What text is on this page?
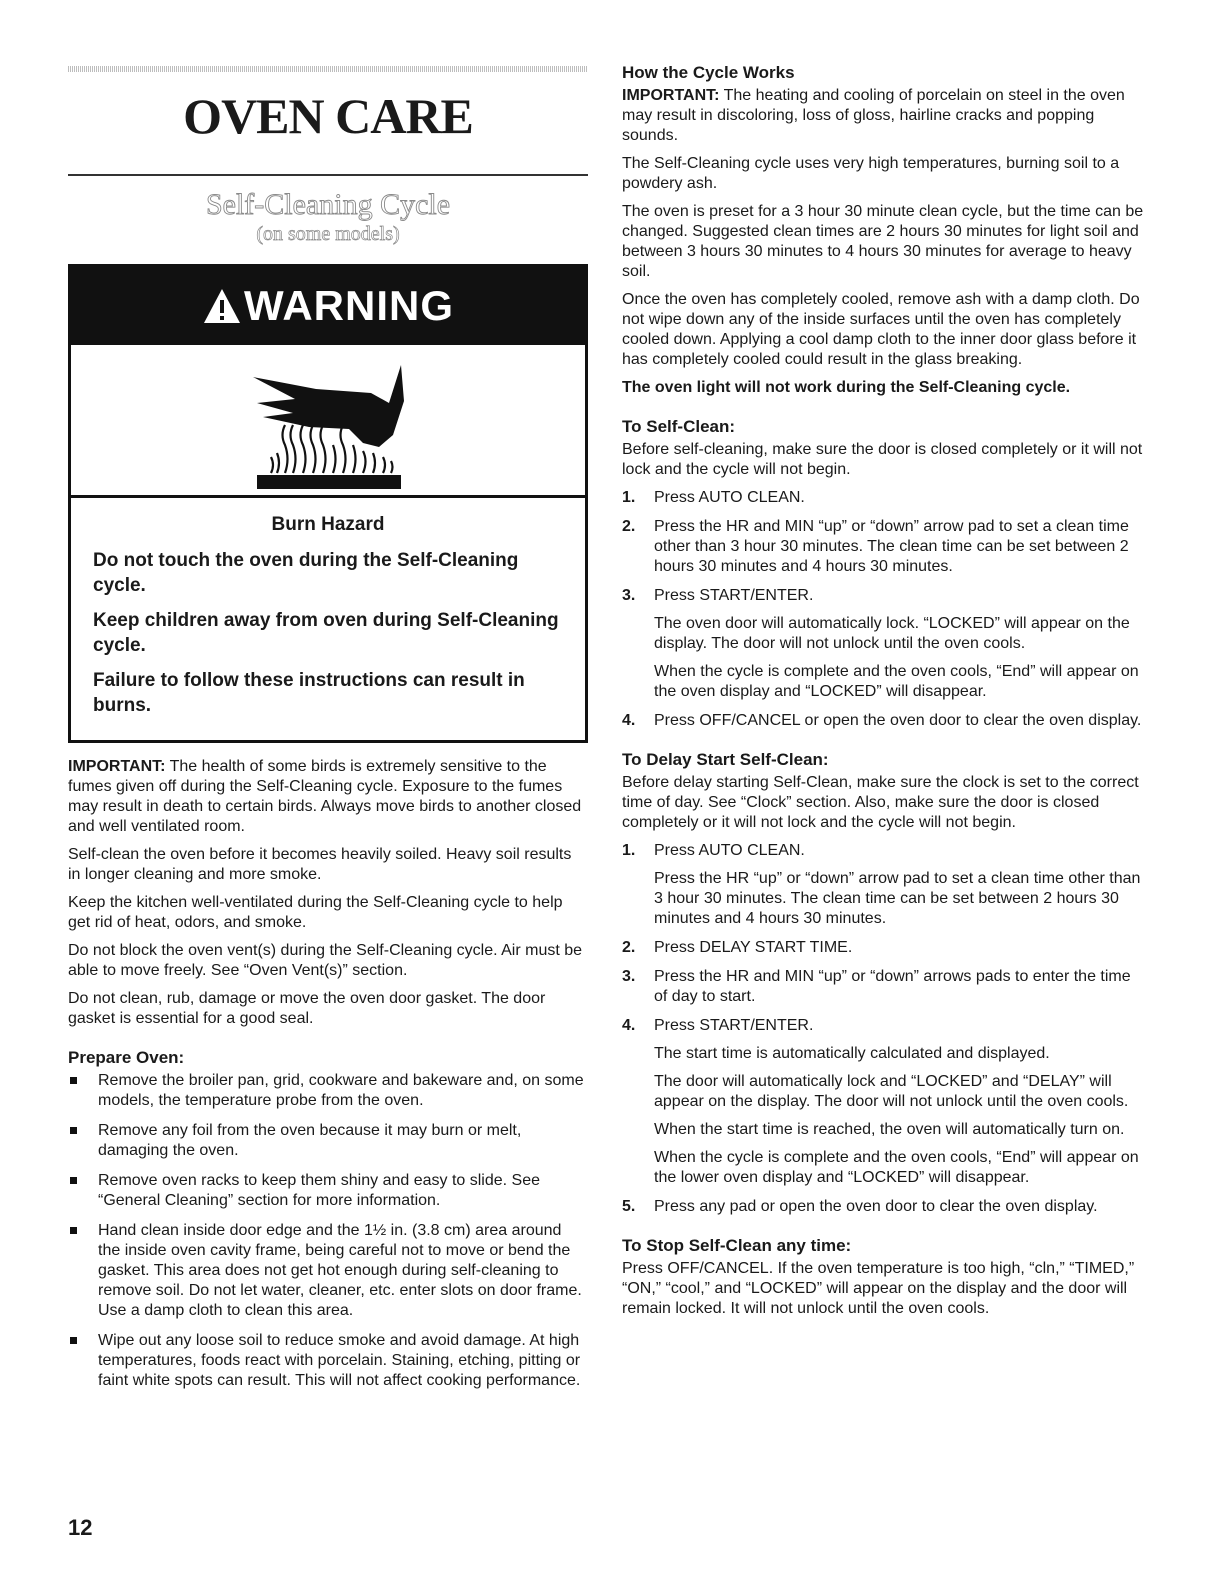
OVEN CARE
Self-Cleaning Cycle
(on some models)
WARNING
Burn Hazard
Do not touch the oven during the Self-Cleaning cycle.
Keep children away from oven during Self-Cleaning cycle.
Failure to follow these instructions can result in burns.

IMPORTANT: The health of some birds is extremely sensitive to the fumes given off during the Self-Cleaning cycle. Exposure to the fumes may result in death to certain birds. Always move birds to another closed and well ventilated room.

Self-clean the oven before it becomes heavily soiled. Heavy soil results in longer cleaning and more smoke.

Keep the kitchen well-ventilated during the Self-Cleaning cycle to help get rid of heat, odors, and smoke.

Do not block the oven vent(s) during the Self-Cleaning cycle. Air must be able to move freely. See “Oven Vent(s)” section.

Do not clean, rub, damage or move the oven door gasket. The door gasket is essential for a good seal.

Prepare Oven:
Remove the broiler pan, grid, cookware and bakeware and, on some models, the temperature probe from the oven.
Remove any foil from the oven because it may burn or melt, damaging the oven.
Remove oven racks to keep them shiny and easy to slide. See “General Cleaning” section for more information.
Hand clean inside door edge and the 1½ in. (3.8 cm) area around the inside oven cavity frame, being careful not to move or bend the gasket. This area does not get hot enough during self-cleaning to remove soil. Do not let water, cleaner, etc. enter slots on door frame. Use a damp cloth to clean this area.
Wipe out any loose soil to reduce smoke and avoid damage. At high temperatures, foods react with porcelain. Staining, etching, pitting or faint white spots can result. This will not affect cooking performance.
How the Cycle Works

IMPORTANT: The heating and cooling of porcelain on steel in the oven may result in discoloring, loss of gloss, hairline cracks and popping sounds.

The Self-Cleaning cycle uses very high temperatures, burning soil to a powdery ash.

The oven is preset for a 3 hour 30 minute clean cycle, but the time can be changed. Suggested clean times are 2 hours 30 minutes for light soil and between 3 hours 30 minutes to 4 hours 30 minutes for average to heavy soil.

Once the oven has completely cooled, remove ash with a damp cloth. Do not wipe down any of the inside surfaces until the oven has completely cooled down. Applying a cool damp cloth to the inner door glass before it has completely cooled could result in the glass breaking.

The oven light will not work during the Self-Cleaning cycle.

To Self-Clean:

Before self-cleaning, make sure the door is closed completely or it will not lock and the cycle will not begin.

1. Press AUTO CLEAN.
2. Press the HR and MIN “up” or “down” arrow pad to set a clean time other than 3 hour 30 minutes. The clean time can be set between 2 hours 30 minutes and 4 hours 30 minutes.
3. Press START/ENTER.
The oven door will automatically lock. “LOCKED” will appear on the display. The door will not unlock until the oven cools.
When the cycle is complete and the oven cools, “End” will appear on the oven display and “LOCKED” will disappear.
4. Press OFF/CANCEL or open the oven door to clear the oven display.
To Delay Start Self-Clean:

Before delay starting Self-Clean, make sure the clock is set to the correct time of day. See “Clock” section. Also, make sure the door is closed completely or it will not lock and the cycle will not begin.

1. Press AUTO CLEAN.
Press the HR “up” or “down” arrow pad to set a clean time other than 3 hour 30 minutes. The clean time can be set between 2 hours 30 minutes and 4 hours 30 minutes.
2. Press DELAY START TIME.
3. Press the HR and MIN “up” or “down” arrows pads to enter the time of day to start.
4. Press START/ENTER.
The start time is automatically calculated and displayed.
The door will automatically lock and “LOCKED” and “DELAY” will appear on the display. The door will not unlock until the oven cools.
When the start time is reached, the oven will automatically turn on.
When the cycle is complete and the oven cools, “End” will appear on the lower oven display and “LOCKED” will disappear.
5. Press any pad or open the oven door to clear the oven display.
To Stop Self-Clean any time:

Press OFF/CANCEL. If the oven temperature is too high, “cln,” “TIMED,” “ON,” “cool,” and “LOCKED” will appear on the display and the door will remain locked. It will not unlock until the oven cools.

12
